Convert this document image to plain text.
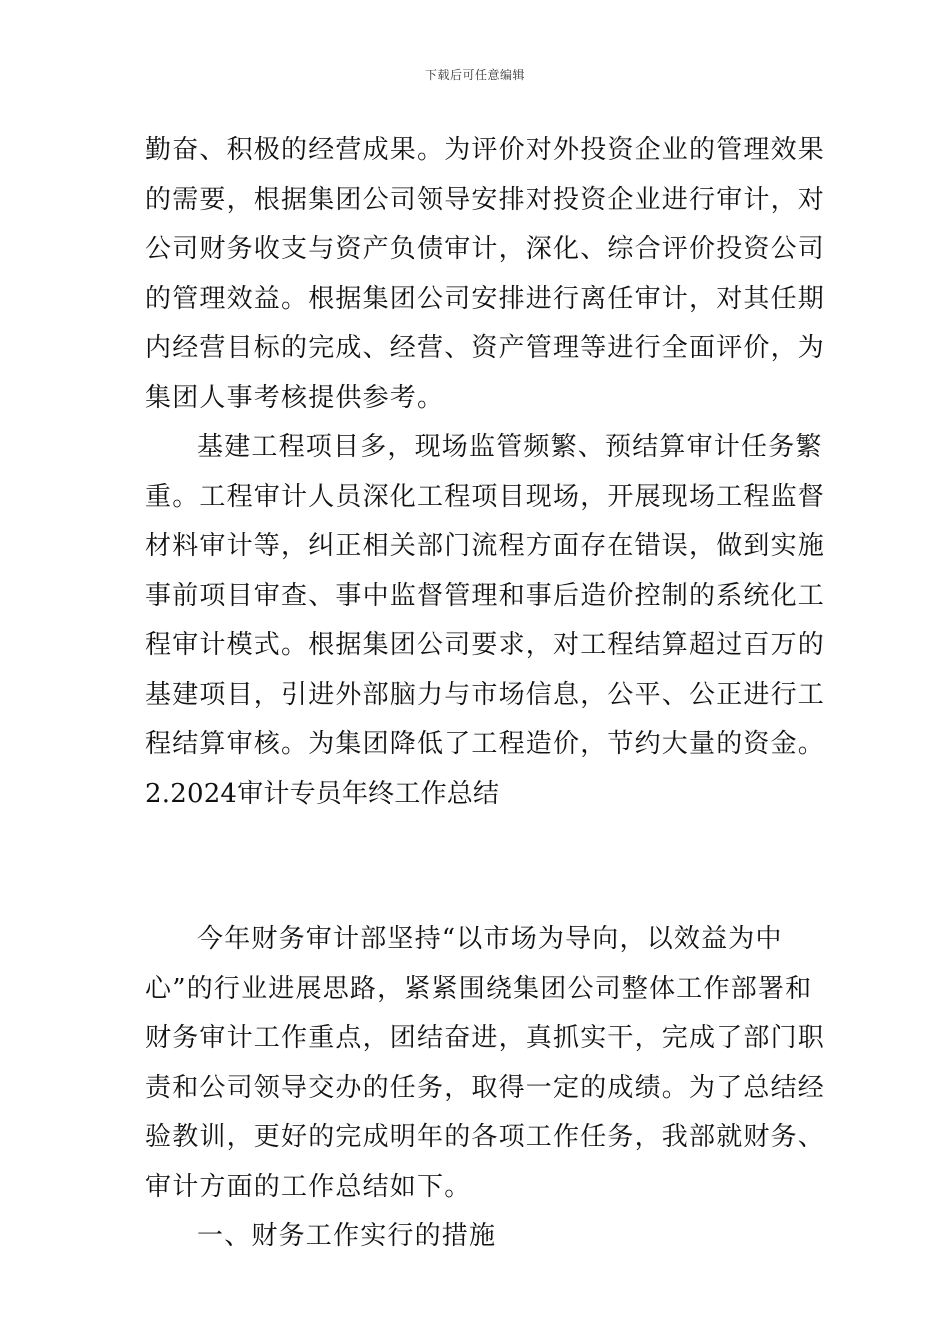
下载后可任意编辑
勤奋、积极的经营成果。为评价对外投资企业的管理效果
的需要，根据集团公司领导安排对投资企业进行审计，对
公司财务收支与资产负债审计，深化、综合评价投资公司
的管理效益。根据集团公司安排进行离任审计，对其任期
内经营目标的完成、经营、资产管理等进行全面评价，为
集团人事考核提供参考。
基建工程项目多，现场监管频繁、预结算审计任务繁
重。工程审计人员深化工程项目现场，开展现场工程监督
材料审计等，纠正相关部门流程方面存在错误，做到实施
事前项目审查、事中监督管理和事后造价控制的系统化工
程审计模式。根据集团公司要求，对工程结算超过百万的
基建项目，引进外部脑力与市场信息，公平、公正进行工
程结算审核。为集团降低了工程造价，节约大量的资金。
2.2024审计专员年终工作总结
今年财务审计部坚持“以市场为导向，以效益为中
心”的行业进展思路，紧紧围绕集团公司整体工作部署和
财务审计工作重点，团结奋进，真抓实干，完成了部门职
责和公司领导交办的任务，取得一定的成绩。为了总结经
验教训，更好的完成明年的各项工作任务，我部就财务、
审计方面的工作总结如下。
一、财务工作实行的措施
